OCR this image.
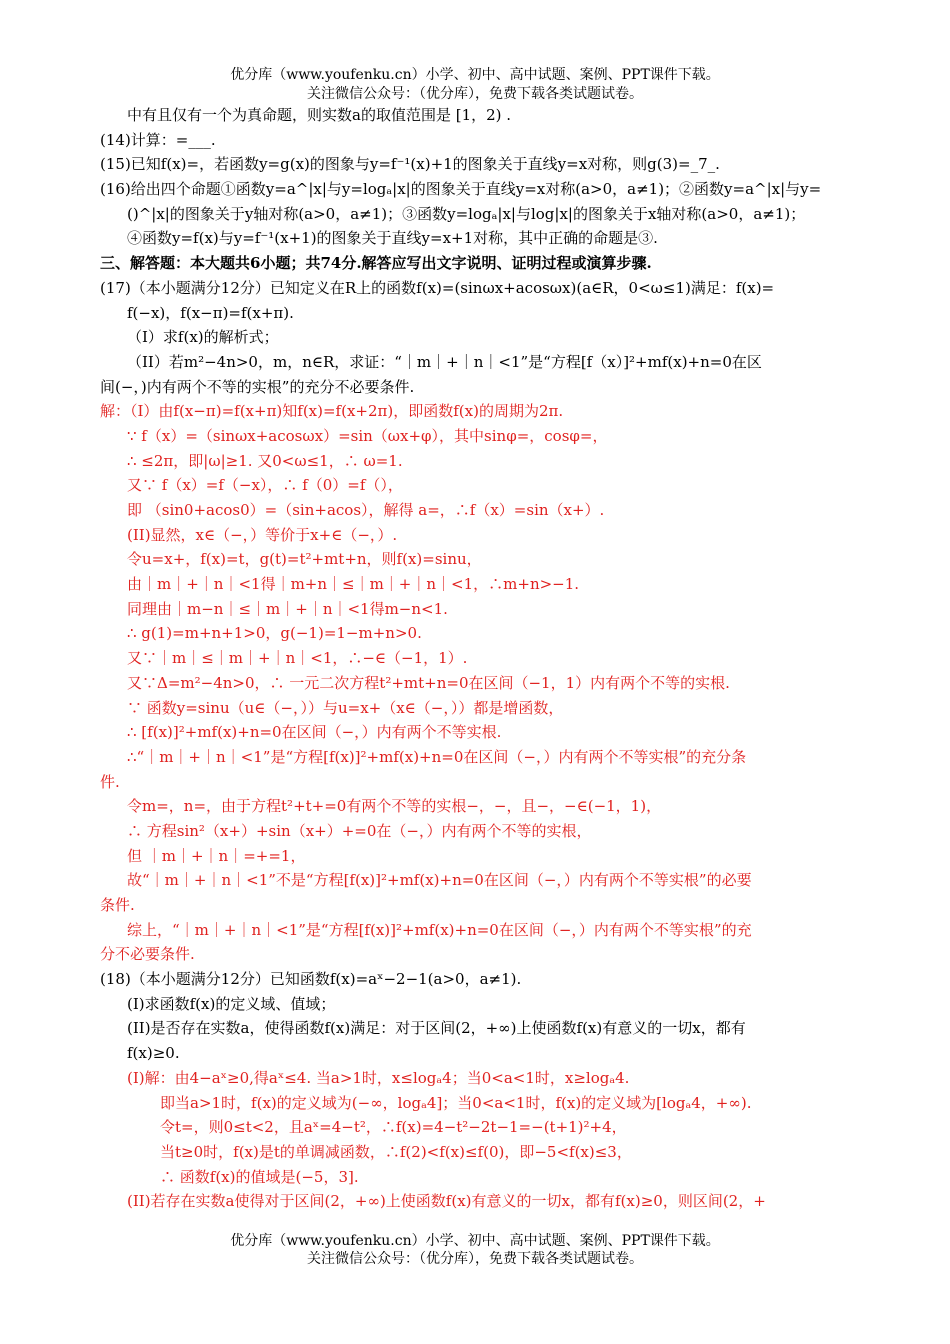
优分库（www.youfenku.cn）小学、初中、高中试题、案例、PPT课件下载。
关注微信公众号：（优分库），免费下载各类试题试卷。
中有且仅有一个为真命题，则实数a的取值范围是 [1，2) .
(14)计算：=___.
(15)已知f(x)=，若函数y=g(x)的图象与y=f⁻¹(x)+1的图象关于直线y=x对称，则g(3)=_7_.
(16)给出四个命题①函数y=a^|x|与y=logₐ|x|的图象关于直线y=x对称(a>0，a≠1)；②函数y=a^|x|与y=
()^|x|的图象关于y轴对称(a>0，a≠1)；③函数y=logₐ|x|与log|x|的图象关于x轴对称(a>0，a≠1)；
④函数y=f(x)与y=f⁻¹(x+1)的图象关于直线y=x+1对称，其中正确的命题是③.
三、解答题：本大题共6小题；共74分.解答应写出文字说明、证明过程或演算步骤.
(17)（本小题满分12分）已知定义在R上的函数f(x)=(sinωx+acosωx)(a∈R，0<ω≤1)满足：f(x)=
f(−x)，f(x−π)=f(x+π).
（I）求f(x)的解析式；
（II）若m²−4n>0，m，n∈R，求证：“｜m｜+｜n｜<1”是“方程[f（x）]²+mf(x)+n=0在区
间(−，)内有两个不等的实根”的充分不必要条件.
解：（I）由f(x−π)=f(x+π)知f(x)=f(x+2π)，即函数f(x)的周期为2π.
∵ f（x）=（sinωx+acosωx）=sin（ωx+φ），其中sinφ=，cosφ=，
∴ ≤2π，即|ω|≥1. 又0<ω≤1，∴ ω=1.
又∵ f（x）=f（−x），∴ f（0）=f（），
即 （sin0+acos0）=（sin+acos），解得 a=，∴f（x）=sin（x+）.
(II)显然，x∈（−，）等价于x+∈（−，）.
令u=x+，f(x)=t，g(t)=t²+mt+n，则f(x)=sinu，
由｜m｜+｜n｜<1得｜m+n｜≤｜m｜+｜n｜<1，∴m+n>−1.
同理由｜m−n｜≤｜m｜+｜n｜<1得m−n<1.
∴ g(1)=m+n+1>0，g(−1)=1−m+n>0.
又∵｜m｜≤｜m｜+｜n｜<1，∴−∈（−1，1）.
又∵Δ=m²−4n>0，∴ 一元二次方程t²+mt+n=0在区间（−1，1）内有两个不等的实根.
∵ 函数y=sinu（u∈（−，））与u=x+（x∈（−，））都是增函数，
∴ [f(x)]²+mf(x)+n=0在区间（−，）内有两个不等实根.
∴“｜m｜+｜n｜<1”是“方程[f(x)]²+mf(x)+n=0在区间（−，）内有两个不等实根”的充分条
件.
令m=，n=，由于方程t²+t+=0有两个不等的实根−，−，且−，−∈(−1，1)，
∴ 方程sin²（x+）+sin（x+）+=0在（−，）内有两个不等的实根，
但 ｜m｜+｜n｜=+=1，
故“｜m｜+｜n｜<1”不是“方程[f(x)]²+mf(x)+n=0在区间（−，）内有两个不等实根”的必要
条件.
综上，“｜m｜+｜n｜<1”是“方程[f(x)]²+mf(x)+n=0在区间（−，）内有两个不等实根”的充
分不必要条件.
(18)（本小题满分12分）已知函数f(x)=aˣ−2−1(a>0，a≠1).
(I)求函数f(x)的定义域、值域；
(II)是否存在实数a，使得函数f(x)满足：对于区间(2，+∞)上使函数f(x)有意义的一切x，都有
f(x)≥0.
(I)解：由4−aˣ≥0,得aˣ≤4. 当a>1时，x≤logₐ4；当0<a<1时，x≥logₐ4.
即当a>1时，f(x)的定义域为(−∞，logₐ4]；当0<a<1时，f(x)的定义域为[logₐ4，+∞).
令t=，则0≤t<2，且aˣ=4−t²，∴f(x)=4−t²−2t−1=−(t+1)²+4，
当t≥0时，f(x)是t的单调减函数，∴f(2)<f(x)≤f(0)，即−5<f(x)≤3，
∴ 函数f(x)的值域是(−5，3].
(II)若存在实数a使得对于区间(2，+∞)上使函数f(x)有意义的一切x，都有f(x)≥0，则区间(2，+
优分库（www.youfenku.cn）小学、初中、高中试题、案例、PPT课件下载。
关注微信公众号：（优分库），免费下载各类试题试卷。
